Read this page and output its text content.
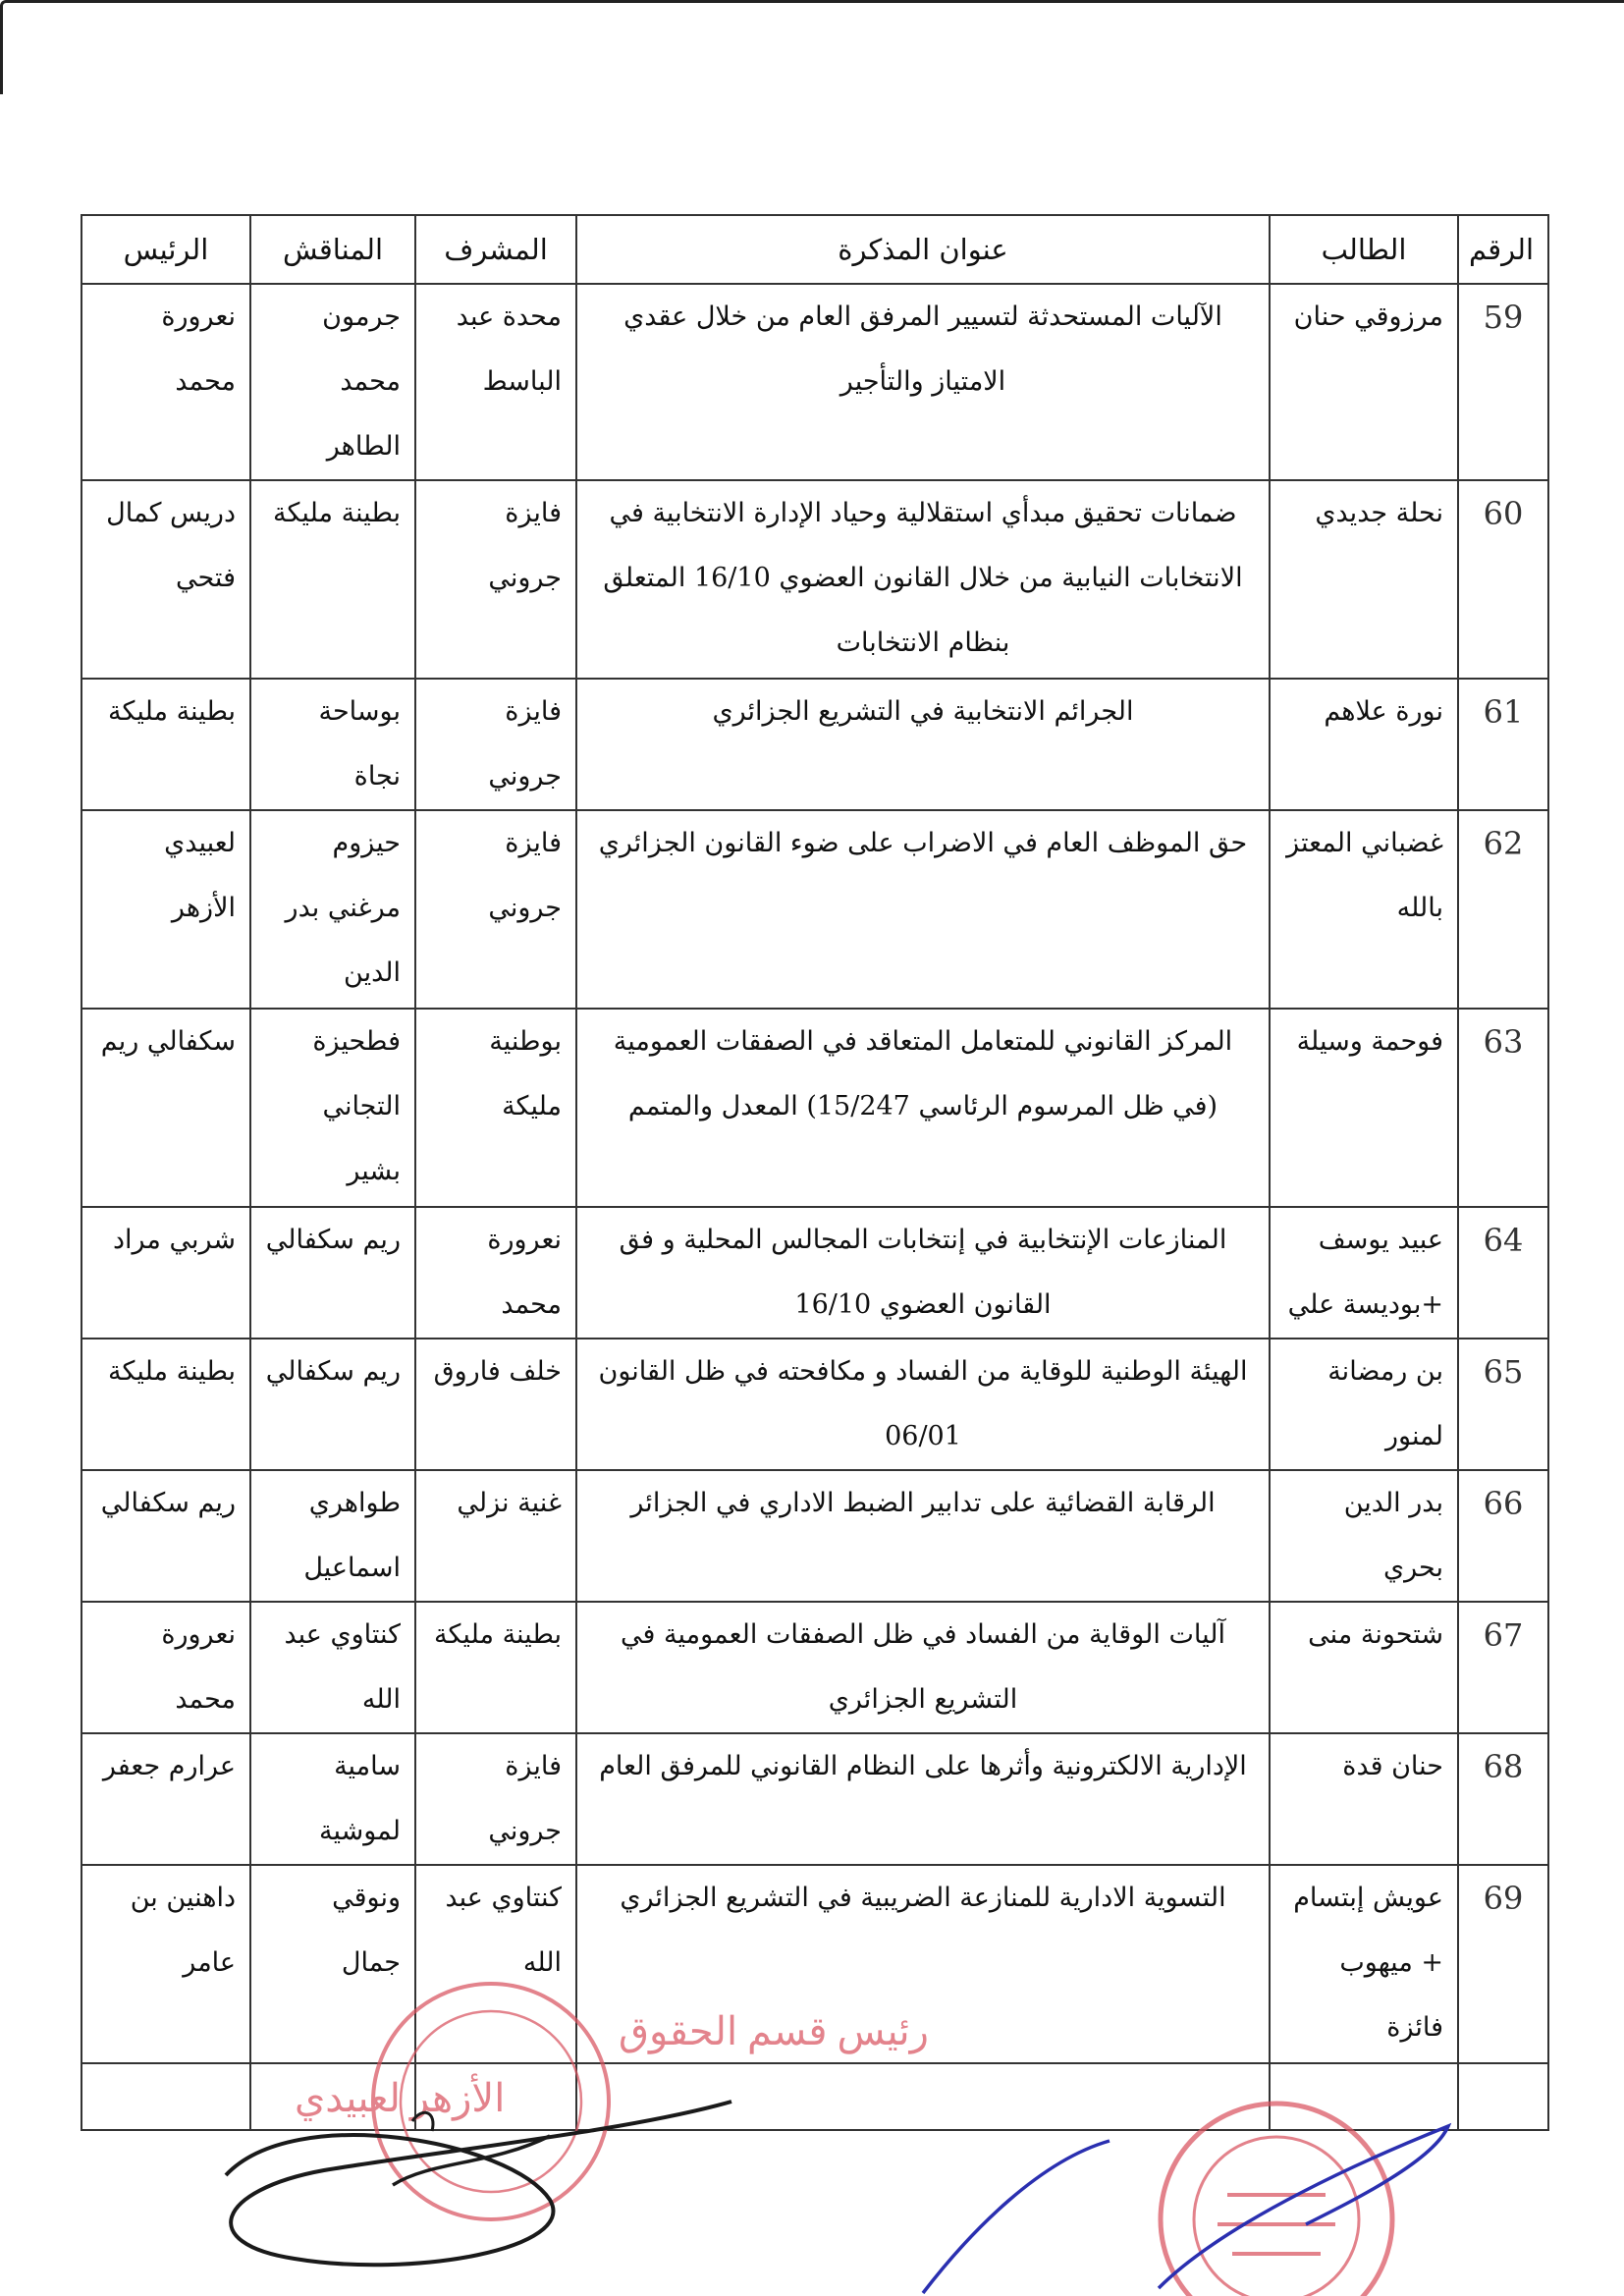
الرقم	الطالب	عنوان المذكرة	المشرف	المناقش	الرئيس
59	مرزوقي حنان	الآليات المستحدثة لتسيير المرفق العام من خلال عقدي الامتياز والتأجير	محدة عبد الباسط	جرمون محمد الطاهر	نعرورة محمد
60	نحلة جديدي	ضمانات تحقيق مبدأي استقلالية وحياد الإدارة الانتخابية في الانتخابات النيابية من خلال القانون العضوي 16/10 المتعلق بنظام الانتخابات	فايزة جروني	بطينة مليكة	دريس كمال فتحي
61	نورة علاهم	الجرائم الانتخابية في التشريع الجزائري	فايزة جروني	بوساحة نجاة	بطينة مليكة
62	غضباني المعتز بالله	حق الموظف العام في الاضراب على ضوء القانون الجزائري	فايزة جروني	حيزوم مرغني بدر الدين	لعبيدي الأزهر
63	فوحمة وسيلة	المركز القانوني للمتعامل المتعاقد في الصفقات العمومية (في ظل المرسوم الرئاسي 15/247) المعدل والمتمم	بوطنية مليكة	فطحيزة التجاني بشير	سكفالي ريم
64	عبيد يوسف +بوديسة علي	المنازعات الإنتخابية في إنتخابات المجالس المحلية و فق القانون العضوي 16/10	نعرورة محمد	ريم سكفالي	شربي مراد
65	بن رمضانة لمنور	الهيئة الوطنية للوقاية من الفساد و مكافحته في ظل القانون 06/01	خلف فاروق	ريم سكفالي	بطينة مليكة
66	بدر الدين بحري	الرقابة القضائية على تدابير الضبط الاداري في الجزائر	غنية نزلي	طواهري اسماعيل	ريم سكفالي
67	شتحونة منى	آليات الوقاية من الفساد في ظل الصفقات العمومية في التشريع الجزائري	بطينة مليكة	كنتاوي عبد الله	نعرورة محمد
68	حنان قدة	الإدارية الالكترونية وأثرها على النظام القانوني للمرفق العام	فايزة جروني	سامية لموشية	عرارم جعفر
69	عويش إبتسام + ميهوب فائزة	التسوية الادارية للمنازعة الضريبية في التشريع الجزائري	كنتاوي عبد الله	ونوقي جمال	داهنين بن عامر

رئيس قسم الحقوق
الأزهر لعبيدي
